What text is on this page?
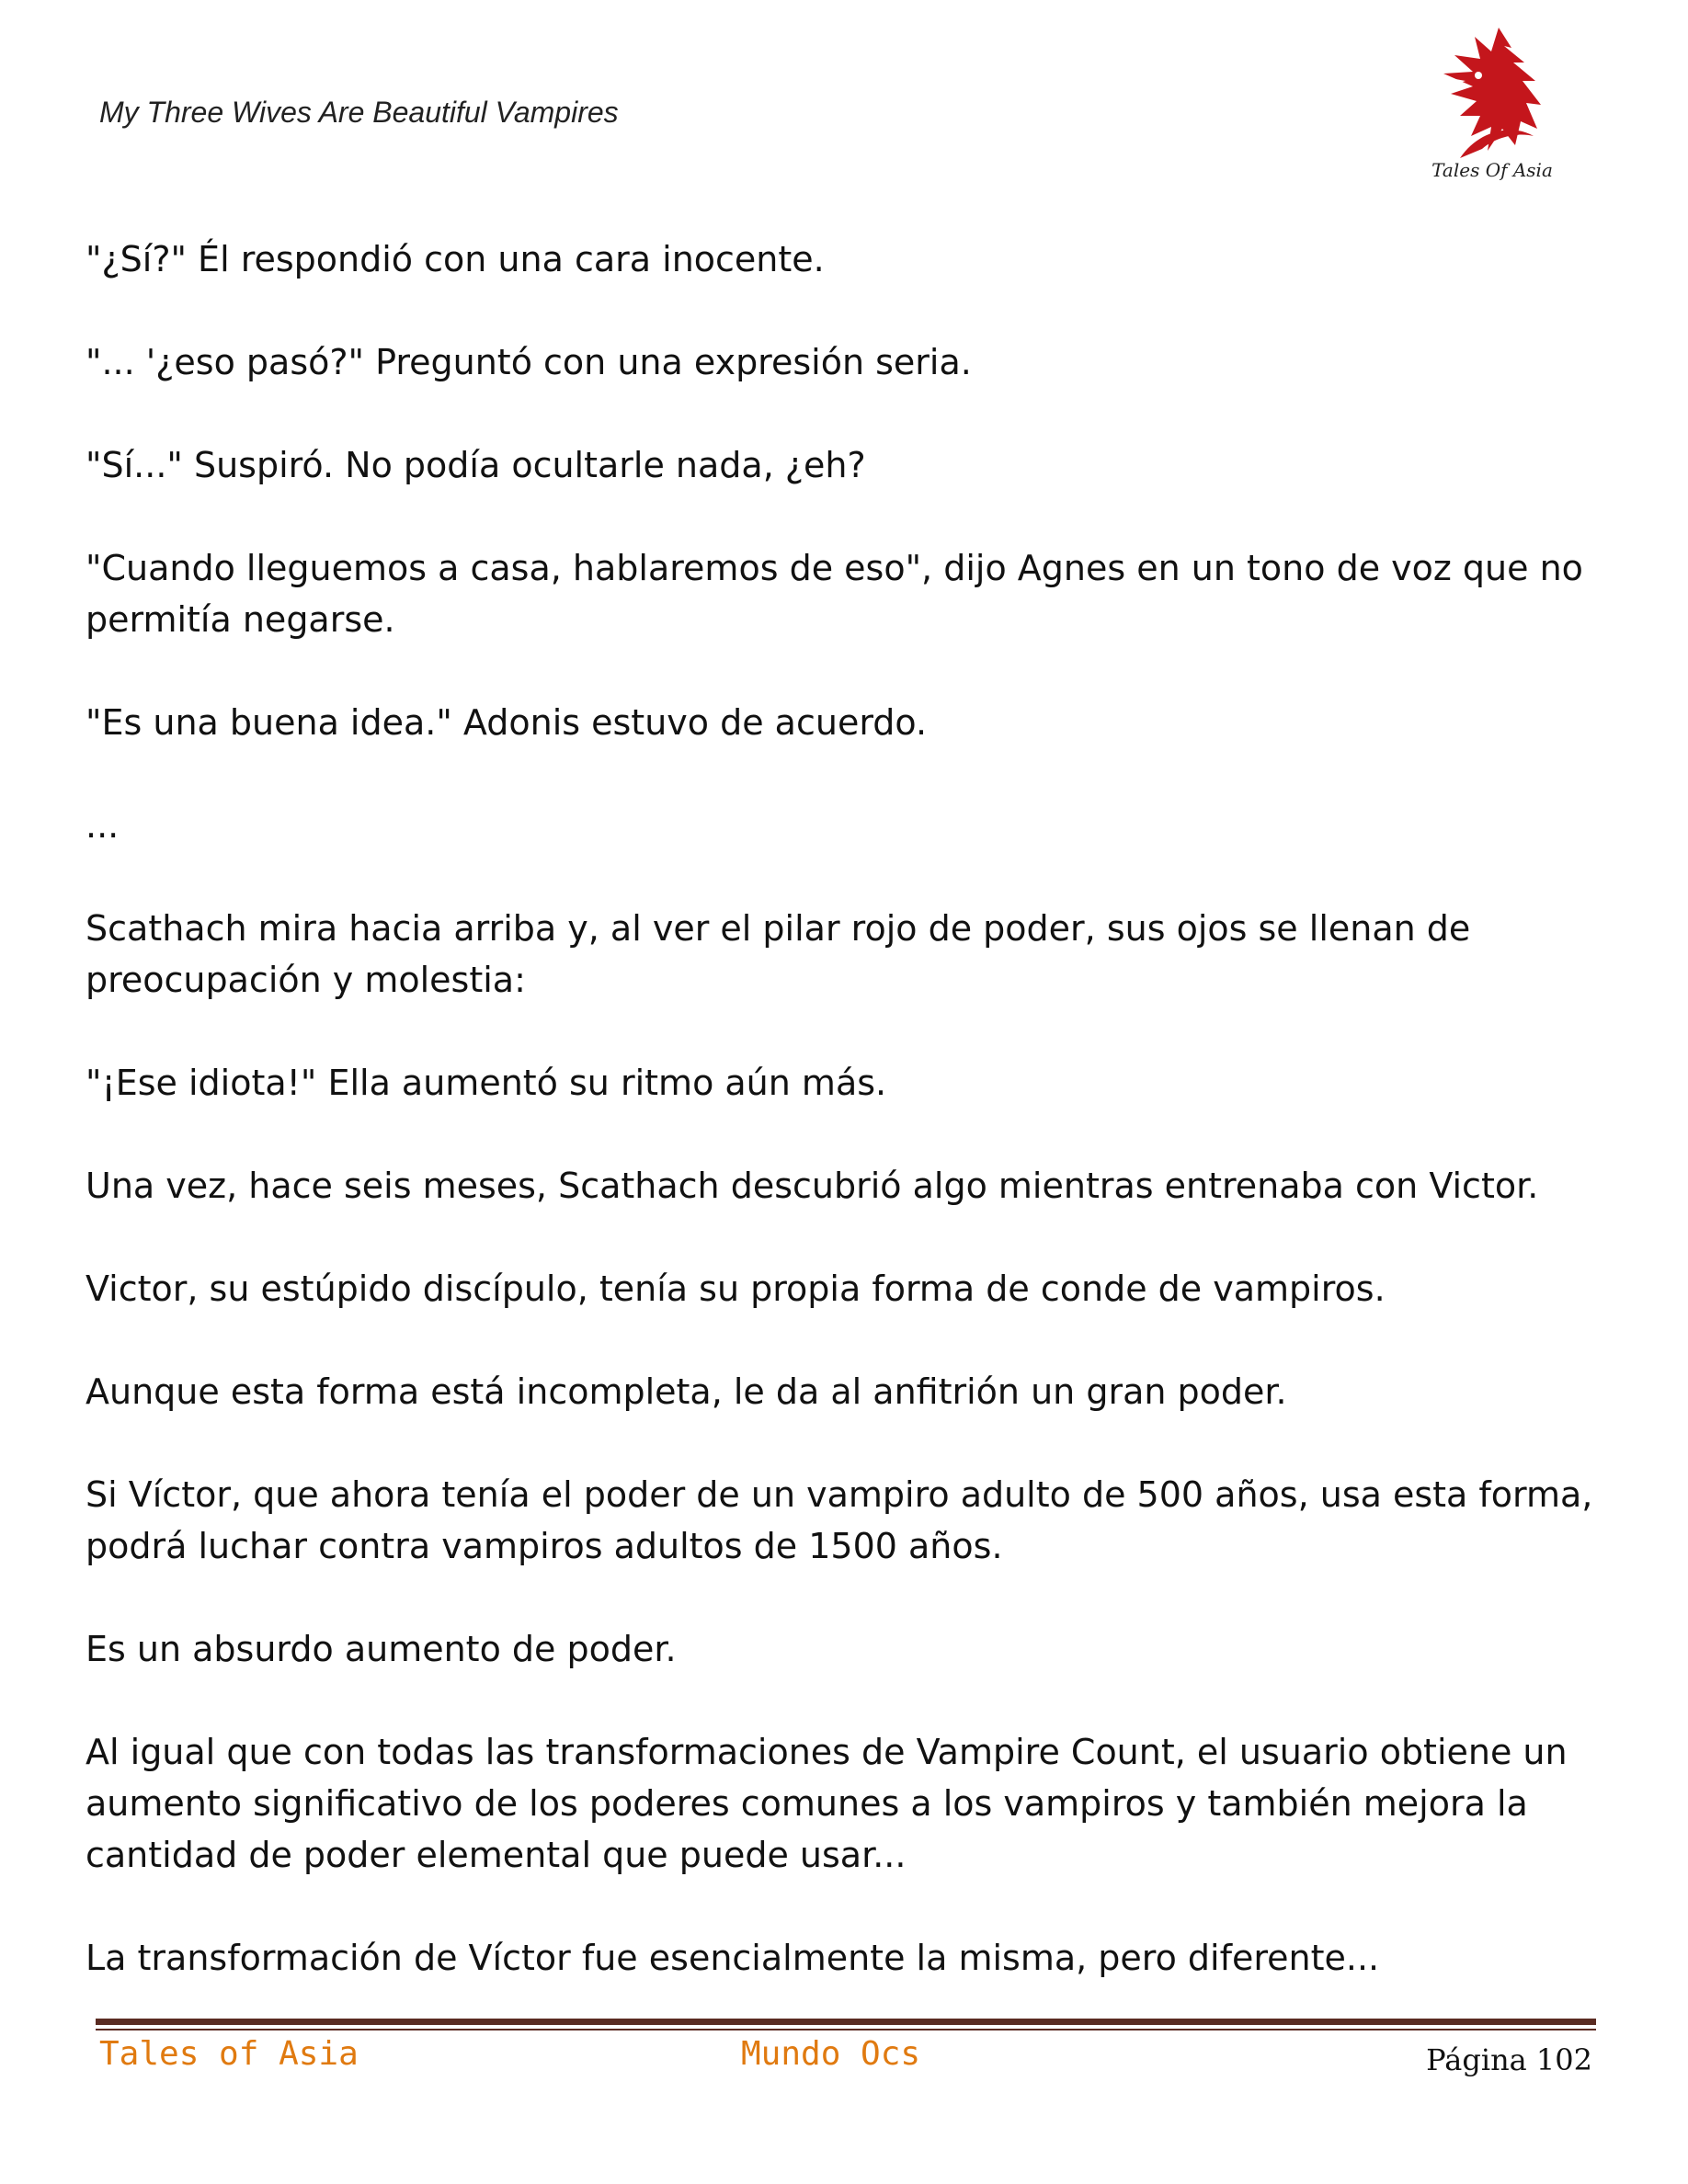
My Three Wives Are Beautiful Vampires
Tales Of Asia

"¿Sí?" Él respondió con una cara inocente.

"... '¿eso pasó?" Preguntó con una expresión seria.

"Sí..." Suspiró. No podía ocultarle nada, ¿eh?

"Cuando lleguemos a casa, hablaremos de eso", dijo Agnes en un tono de voz que no permitía negarse.

"Es una buena idea." Adonis estuvo de acuerdo.

...

Scathach mira hacia arriba y, al ver el pilar rojo de poder, sus ojos se llenan de preocupación y molestia:

"¡Ese idiota!" Ella aumentó su ritmo aún más.

Una vez, hace seis meses, Scathach descubrió algo mientras entrenaba con Victor.

Victor, su estúpido discípulo, tenía su propia forma de conde de vampiros.

Aunque esta forma está incompleta, le da al anfitrión un gran poder.

Si Víctor, que ahora tenía el poder de un vampiro adulto de 500 años, usa esta forma, podrá luchar contra vampiros adultos de 1500 años.

Es un absurdo aumento de poder.

Al igual que con todas las transformaciones de Vampire Count, el usuario obtiene un aumento significativo de los poderes comunes a los vampiros y también mejora la cantidad de poder elemental que puede usar...

La transformación de Víctor fue esencialmente la misma, pero diferente...

Tales of Asia	Mundo Ocs	Página 102
